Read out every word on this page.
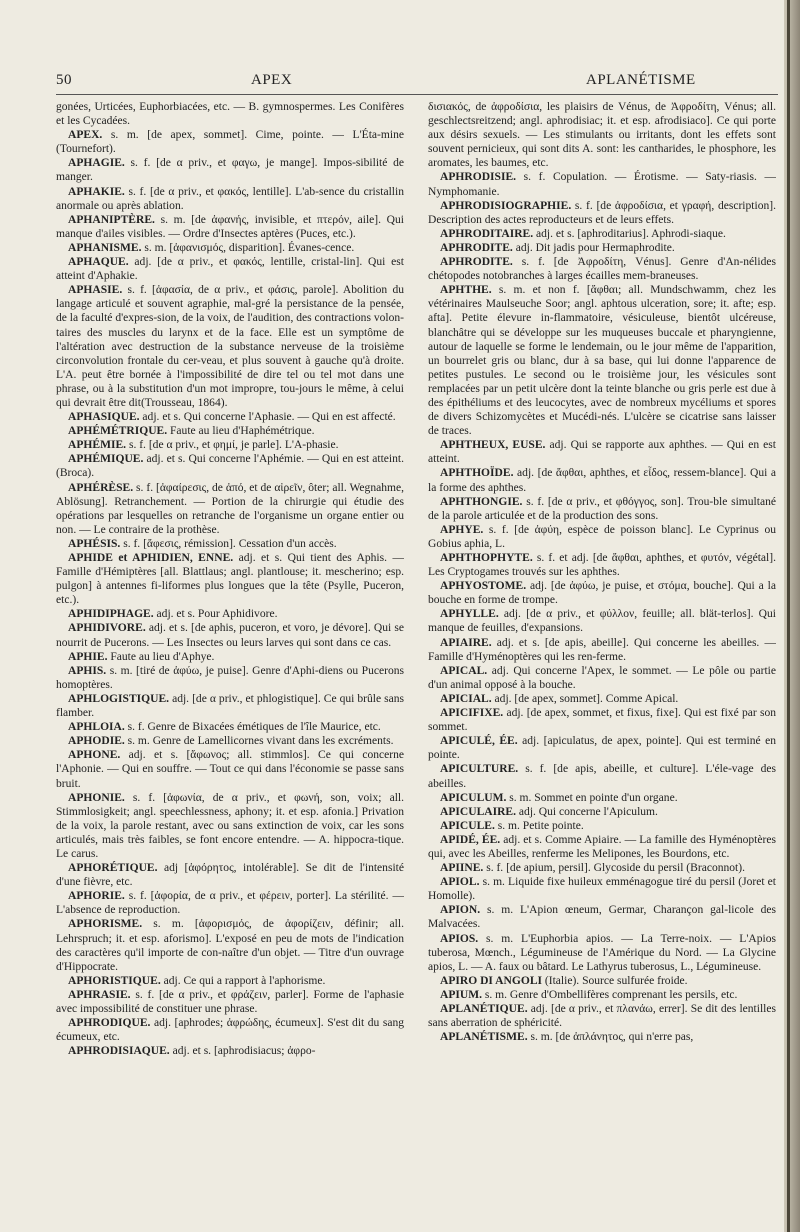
50	APEX	APLANÉTISME

gonées, Urticées, Euphorbiacées, etc. — B. gymnospermes. Les Conifères et les Cycadées.

APEX. s. m. [de apex, sommet]. Cime, pointe. — L'Éta-mine (Tournefort).

APHAGIE. s. f. [de α priv., et φαγω, je mange]. Impos-sibilité de manger.

APHAKIE. s. f. [de α priv., et φακός, lentille]. L'ab-sence du cristallin anormale ou après ablation.

APHANIPTÈRE. s. m. [de ἀφανής, invisible, et πτερόν, aile]. Qui manque d'ailes visibles. — Ordre d'Insectes aptères (Puces, etc.).

APHANISME. s. m. [ἀφανισμός, disparition]. Évanes-cence.

APHAQUE. adj. [de α priv., et φακός, lentille, cristal-lin]. Qui est atteint d'Aphakie.

APHASIE. s. f. [ἀφασία, de α priv., et φάσις, parole]. Abolition du langage articulé et souvent agraphie, mal-gré la persistance de la pensée, de la faculté d'expres-sion, de la voix, de l'audition, des contractions volon-taires des muscles du larynx et de la face. Elle est un symptôme de l'altération avec destruction de la substance nerveuse de la troisième circonvolution frontale du cer-veau, et plus souvent à gauche qu'à droite. L'A. peut être bornée à l'impossibilité de dire tel ou tel mot dans une phrase, ou à la substitution d'un mot impropre, tou-jours le même, à celui qui devrait être dit(Trousseau, 1864).

APHASIQUE. adj. et s. Qui concerne l'Aphasie. — Qui en est affecté.

APHÉMÉTRIQUE. Faute au lieu d'Haphémétrique.

APHÉMIE. s. f. [de α priv., et φημί, je parle]. L'A-phasie.

APHÉMIQUE. adj. et s. Qui concerne l'Aphémie. — Qui en est atteint. (Broca).

APHÉRÈSE. s. f. [ἀφαίρεσις, de ἀπό, et de αἱρεῖν, ôter; all. Wegnahme, Ablösung]. Retranchement. — Portion de la chirurgie qui étudie des opérations par lesquelles on retranche de l'organisme un organe entier ou non. — Le contraire de la prothèse.

APHÉSIS. s. f. [ἄφεσις, rémission]. Cessation d'un accès.

APHIDE et APHIDIEN, ENNE. adj. et s. Qui tient des Aphis. — Famille d'Hémiptères [all. Blattlaus; angl. plantlouse; it. mescherino; esp. pulgon] à antennes fi-liformes plus longues que la tête (Psylle, Puceron, etc.).

APHIDIPHAGE. adj. et s. Pour Aphidivore.

APHIDIVORE. adj. et s. [de aphis, puceron, et voro, je dévore]. Qui se nourrit de Pucerons. — Les Insectes ou leurs larves qui sont dans ce cas.

APHIE. Faute au lieu d'Aphye.

APHIS. s. m. [tiré de ἀφύω, je puise]. Genre d'Aphi-diens ou Pucerons homoptères.

APHLOGISTIQUE. adj. [de α priv., et phlogistique]. Ce qui brûle sans flamber.

APHLOIA. s. f. Genre de Bixacées émétiques de l'île Maurice, etc.

APHODIE. s. m. Genre de Lamellicornes vivant dans les excréments.

APHONE. adj. et s. [ἄφωνος; all. stimmlos]. Ce qui concerne l'Aphonie. — Qui en souffre. — Tout ce qui dans l'économie se passe sans bruit.

APHONIE. s. f. [ἀφωνία, de α priv., et φωνή, son, voix; all. Stimmlosigkeit; angl. speechlessness, aphony; it. et esp. afonia.] Privation de la voix, la parole restant, avec ou sans extinction de voix, car les sons articulés, mais très faibles, se font encore entendre. — A. hippocra-tique. Le carus.

APHORÉTIQUE. adj [ἀφόρητος, intolérable]. Se dit de l'intensité d'une fièvre, etc.

APHORIE. s. f. [ἀφορία, de α priv., et φέρειν, porter]. La stérilité. — L'absence de reproduction.

APHORISME. s. m. [ἀφορισμός, de ἀφορίζειν, définir; all. Lehrspruch; it. et esp. aforismo]. L'exposé en peu de mots de l'indication des caractères qu'il importe de con-naître d'un objet. — Titre d'un ouvrage d'Hippocrate.

APHORISTIQUE. adj. Ce qui a rapport à l'aphorisme.

APHRASIE. s. f. [de α priv., et φράζειν, parler]. Forme de l'aphasie avec impossibilité de constituer une phrase.

APHRODIQUE. adj. [aphrodes; ἀφρώδης, écumeux]. S'est dit du sang écumeux, etc.

APHRODISIAQUE. adj. et s. [aphrodisiacus; ἀφρο-

δισιακός, de ἀφροδίσια, les plaisirs de Vénus, de Ἀφροδίτη, Vénus; all. geschlectsreitzend; angl. aphrodisiac; it. et esp. afrodisiaco]. Ce qui porte aux désirs sexuels. — Les stimulants ou irritants, dont les effets sont souvent pernicieux, qui sont dits A. sont: les cantharides, le phosphore, les aromates, les baumes, etc.

APHRODISIE. s. f. Copulation. — Érotisme. — Saty-riasis. — Nymphomanie.

APHRODISIOGRAPHIE. s. f. [de ἀφροδίσια, et γραφή, description]. Description des actes reproducteurs et de leurs effets.

APHRODITAIRE. adj. et s. [aphroditarius]. Aphrodi-siaque.

APHRODITE. adj. Dit jadis pour Hermaphrodite.

APHRODITE. s. f. [de Ἀφροδίτη, Vénus]. Genre d'An-nélides chétopodes notobranches à larges écailles mem-braneuses.

APHTHE. s. m. et non f. [ἄφθαι; all. Mundschwamm, chez les vétérinaires Maulseuche Soor; angl. aphtous ulceration, sore; it. afte; esp. afta]. Petite élevure in-flammatoire, vésiculeuse, bientôt ulcéreuse, blanchâtre qui se développe sur les muqueuses buccale et pharyngienne, autour de laquelle se forme le lendemain, ou le jour même de l'apparition, un bourrelet gris ou blanc, dur à sa base, qui lui donne l'apparence de petites pustules. Le second ou le troisième jour, les vésicules sont remplacées par un petit ulcère dont la teinte blanche ou gris perle est due à des épithéliums et des leucocytes, avec de nombreux mycéliums et spores de divers Schizomycètes et Mucédi-nés. L'ulcère se cicatrise sans laisser de traces.

APHTHEUX, EUSE. adj. Qui se rapporte aux aphthes. — Qui en est atteint.

APHTHOÏDE. adj. [de ἄφθαι, aphthes, et εἶδος, ressem-blance]. Qui a la forme des aphthes.

APHTHONGIE. s. f. [de α priv., et φθόγγος, son]. Trou-ble simultané de la parole articulée et de la production des sons.

APHYE. s. f. [de ἀφύη, espèce de poisson blanc]. Le Cyprinus ou Gobius aphia, L.

APHTHOPHYTE. s. f. et adj. [de ἄφθαι, aphthes, et φυτόν, végétal]. Les Cryptogames trouvés sur les aphthes.

APHYOSTOME. adj. [de ἀφύω, je puise, et στόμα, bouche]. Qui a la bouche en forme de trompe.

APHYLLE. adj. [de α priv., et φύλλον, feuille; all. blät-terlos]. Qui manque de feuilles, d'expansions.

APIAIRE. adj. et s. [de apis, abeille]. Qui concerne les abeilles. — Famille d'Hyménoptères qui les ren-ferme.

APICAL. adj. Qui concerne l'Apex, le sommet. — Le pôle ou partie d'un animal opposé à la bouche.

APICIAL. adj. [de apex, sommet]. Comme Apical.

APICIFIXE. adj. [de apex, sommet, et fixus, fixe]. Qui est fixé par son sommet.

APICULÉ, ÉE. adj. [apiculatus, de apex, pointe]. Qui est terminé en pointe.

APICULTURE. s. f. [de apis, abeille, et culture]. L'éle-vage des abeilles.

APICULUM. s. m. Sommet en pointe d'un organe.

APICULAIRE. adj. Qui concerne l'Apiculum.

APICULE. s. m. Petite pointe.

APIDÉ, ÉE. adj. et s. Comme Apiaire. — La famille des Hyménoptères qui, avec les Abeilles, renferme les Melipones, les Bourdons, etc.

APIINE. s. f. [de apium, persil]. Glycoside du persil (Braconnot).

APIOL. s. m. Liquide fixe huileux emménagogue tiré du persil (Joret et Homolle).

APION. s. m. L'Apion œneum, Germar, Charançon gal-licole des Malvacées.

APIOS. s. m. L'Euphorbia apios. — La Terre-noix. — L'Apios tuberosa, Mœnch., Légumineuse de l'Amérique du Nord. — La Glycine apios, L. — A. faux ou bâtard. Le Lathyrus tuberosus, L., Légumineuse.

APIRO DI ANGOLI (Italie). Source sulfurée froide.

APIUM. s. m. Genre d'Ombellifères comprenant les persils, etc.

APLANÉTIQUE. adj. [de α priv., et πλανάω, errer]. Se dit des lentilles sans aberration de sphéricité.

APLANÉTISME. s. m. [de ἀπλάνητος, qui n'erre pas,
